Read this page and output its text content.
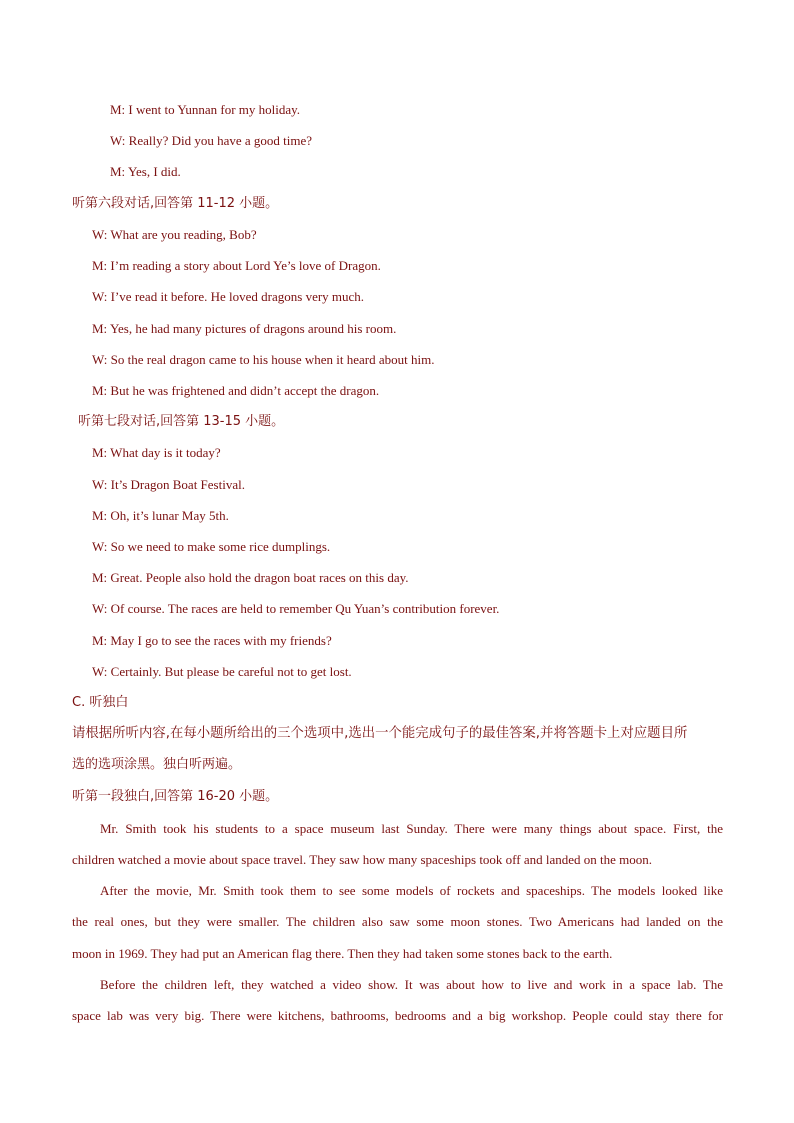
M: I went to Yunnan for my holiday.
W: Really? Did you have a good time?
M: Yes, I did.
听第六段对话,回答第 11-12 小题。
W: What are you reading, Bob?
M: I’m reading a story about Lord Ye’s love of Dragon.
W: I’ve read it before. He loved dragons very much.
M: Yes, he had many pictures of dragons around his room.
W: So the real dragon came to his house when it heard about him.
M: But he was frightened and didn’t accept the dragon.
听第七段对话,回答第 13-15 小题。
M: What day is it today?
W: It’s Dragon Boat Festival.
M: Oh, it’s lunar May 5th.
W: So we need to make some rice dumplings.
M: Great. People also hold the dragon boat races on this day.
W: Of course. The races are held to remember Qu Yuan’s contribution forever.
M: May I go to see the races with my friends?
W: Certainly. But please be careful not to get lost.
C. 听独白
请根据所听内容,在每小题所给出的三个选项中,选出一个能完成句子的最佳答案,并将答题卡上对应题目所
选的选项涂黑。独白听两遍。
听第一段独白,回答第 16-20 小题。
Mr. Smith took his students to a space museum last Sunday. There were many things about space. First, the
children watched a movie about space travel. They saw how many spaceships took off and landed on the moon.
After the movie, Mr. Smith took them to see some models of rockets and spaceships. The models looked like
the real ones, but they were smaller. The children also saw some moon stones. Two Americans had landed on the
moon in 1969. They had put an American flag there. Then they had taken some stones back to the earth.
Before the children left, they watched a video show. It was about how to live and work in a space lab. The
space lab was very big. There were kitchens, bathrooms, bedrooms and a big workshop. People could stay there for
